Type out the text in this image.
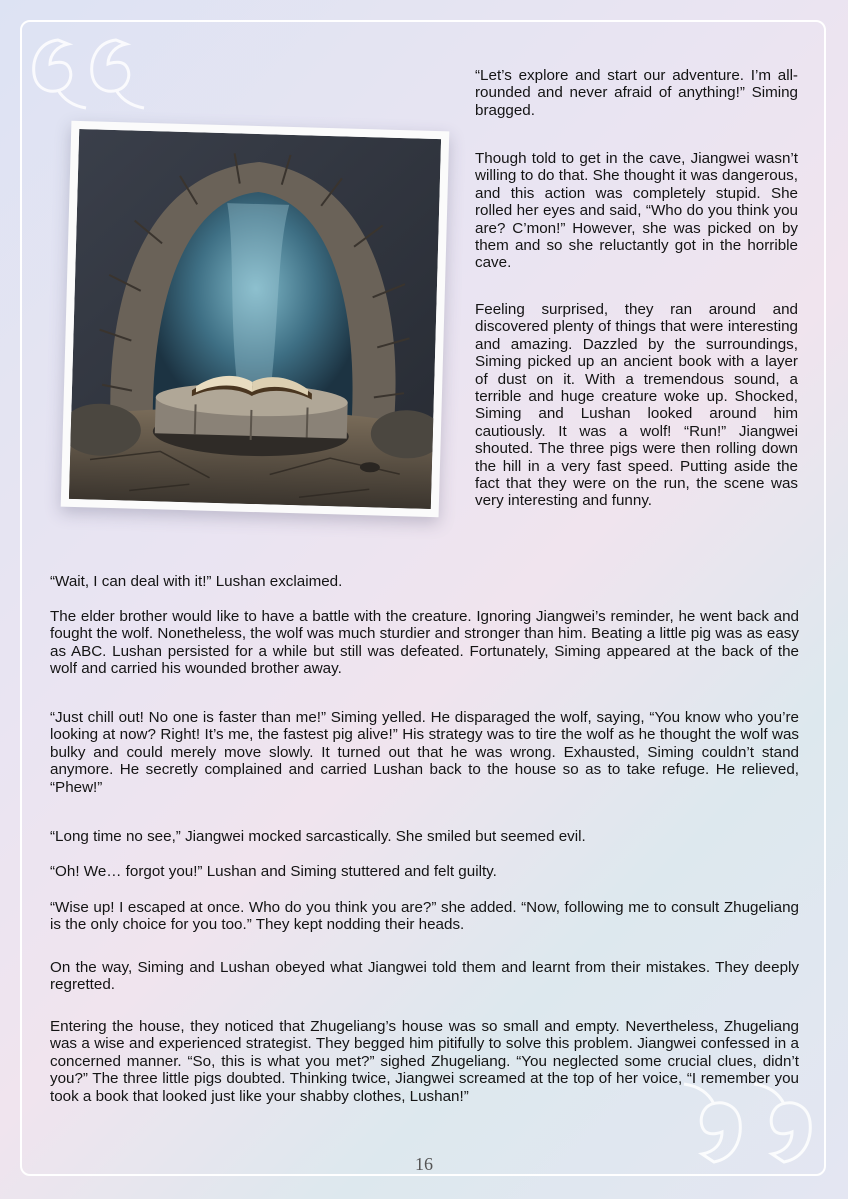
“Let’s explore and start our adventure. I’m all-rounded and never afraid of anything!” Siming bragged.

Though told to get in the cave, Jiangwei wasn’t willing to do that. She thought it was dangerous, and this action was completely stupid. She rolled her eyes and said, “Who do you think you are? C’mon!” However, she was picked on by them and so she reluctantly got in the horrible cave.

Feeling surprised, they ran around and discovered plenty of things that were interesting and amazing. Dazzled by the surroundings, Siming picked up an ancient book with a layer of dust on it. With a tremendous sound, a terrible and huge creature woke up. Shocked, Siming and Lushan looked around him cautiously. It was a wolf! “Run!” Jiangwei shouted. The three pigs were then rolling down the hill in a very fast speed. Putting aside the fact that they were on the run, the scene was very interesting and funny.

“Wait, I can deal with it!” Lushan exclaimed.

The elder brother would like to have a battle with the creature. Ignoring Jiangwei’s reminder, he went back and fought the wolf. Nonetheless, the wolf was much sturdier and stronger than him. Beating a little pig was as easy as ABC. Lushan persisted for a while but still was defeated. Fortunately, Siming appeared at the back of the wolf and carried his wounded brother away.

“Just chill out! No one is faster than me!” Siming yelled. He disparaged the wolf, saying, “You know who you’re looking at now? Right! It’s me, the fastest pig alive!” His strategy was to tire the wolf as he thought the wolf was bulky and could merely move slowly. It turned out that he was wrong. Exhausted, Siming couldn’t stand anymore. He secretly complained and carried Lushan back to the house so as to take refuge. He relieved, “Phew!”

“Long time no see,” Jiangwei mocked sarcastically. She smiled but seemed evil.

“Oh! We… forgot you!” Lushan and Siming stuttered and felt guilty.

“Wise up! I escaped at once. Who do you think you are?” she added. “Now, following me to consult Zhugeliang is the only choice for you too.” They kept nodding their heads.

On the way, Siming and Lushan obeyed what Jiangwei told them and learnt from their mistakes. They deeply regretted.

Entering the house, they noticed that Zhugeliang’s house was so small and empty. Nevertheless, Zhugeliang was a wise and experienced strategist. They begged him pitifully to solve this problem. Jiangwei confessed in a concerned manner. “So, this is what you met?” sighed Zhugeliang. “You neglected some crucial clues, didn’t you?” The three little pigs doubted. Thinking twice, Jiangwei screamed at the top of her voice, “I remember you took a book that looked just like your shabby clothes, Lushan!”

16
